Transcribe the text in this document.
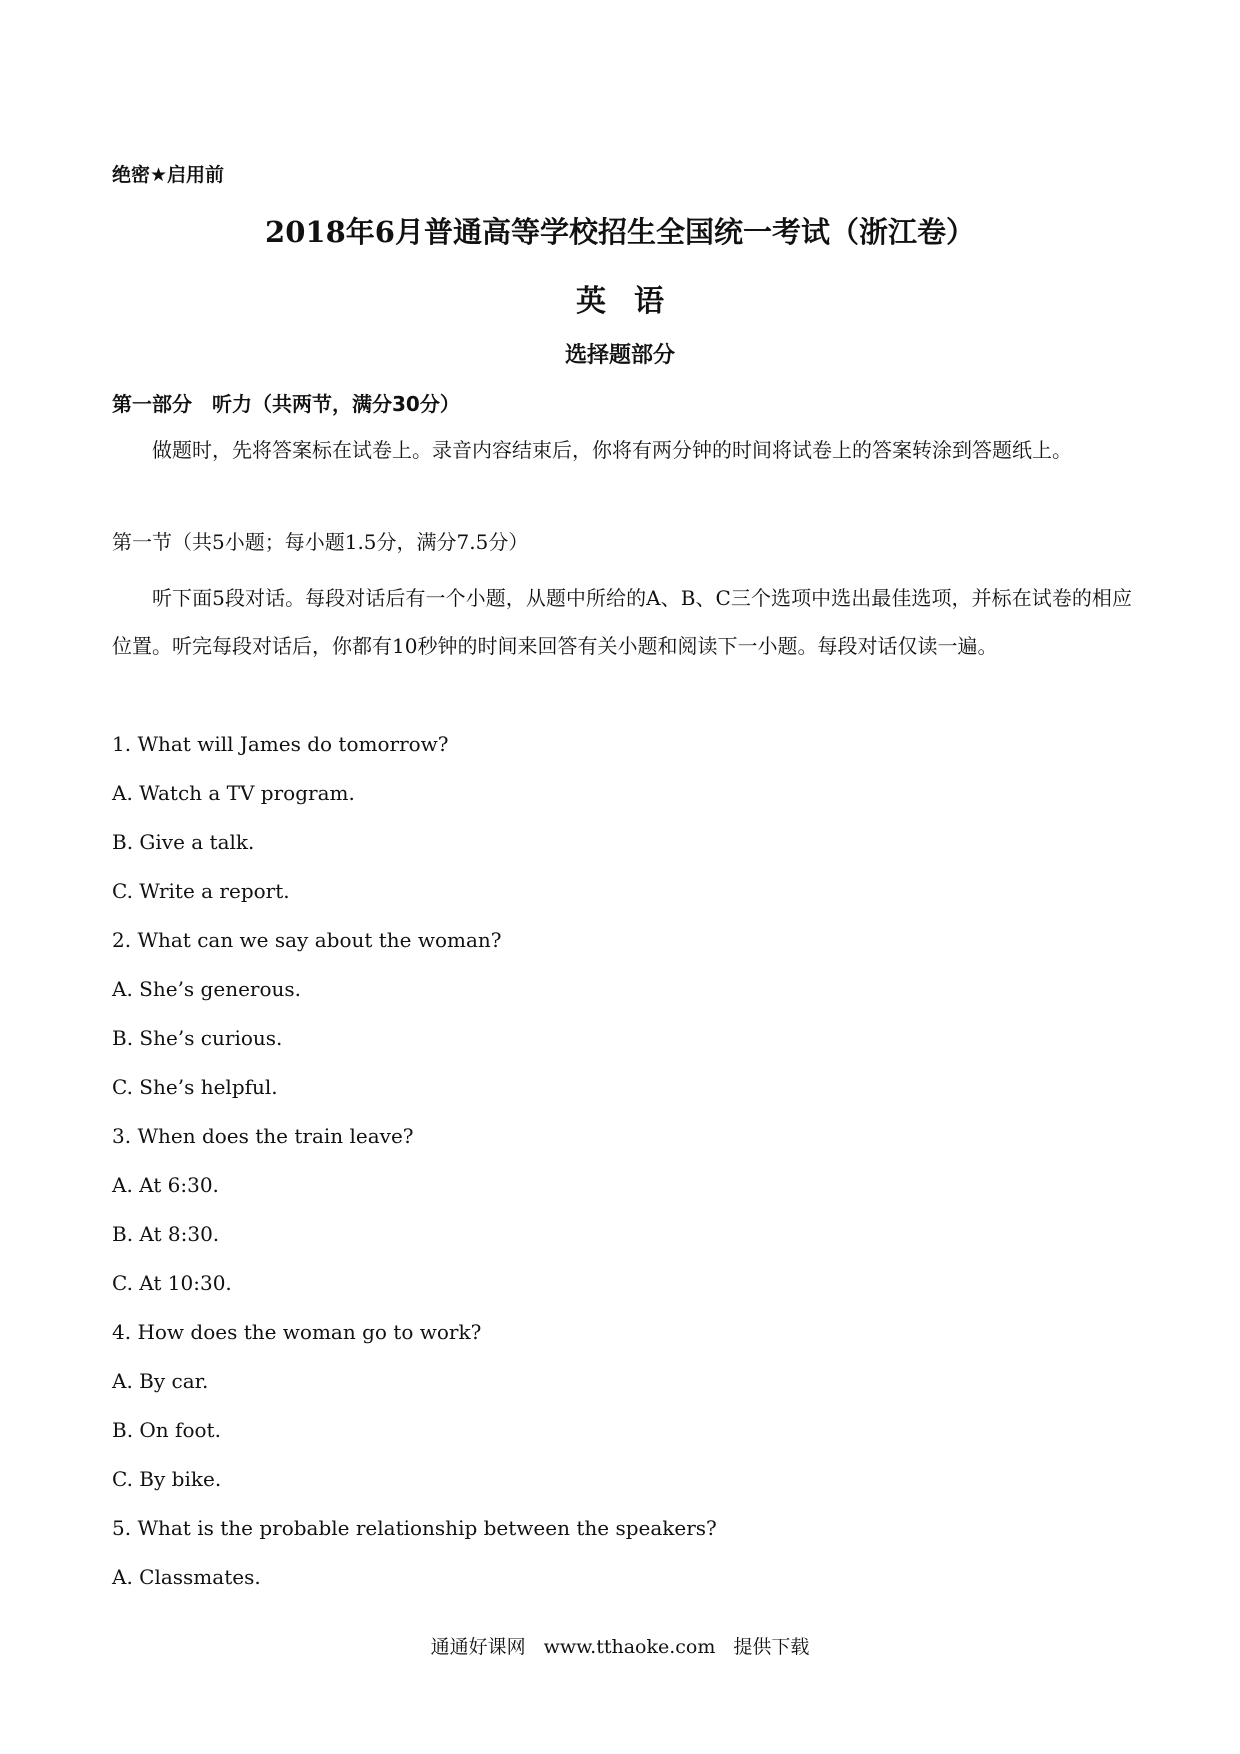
绝密★启用前
2018年6月普通高等学校招生全国统一考试（浙江卷）
英语
选择题部分
第一部分　听力（共两节，满分30分）
做题时，先将答案标在试卷上。录音内容结束后，你将有两分钟的时间将试卷上的答案转涂到答题纸上。
第一节（共5小题；每小题1.5分，满分7.5分）
听下面5段对话。每段对话后有一个小题，从题中所给的A、B、C三个选项中选出最佳选项，并标在试卷的相应位置。听完每段对话后，你都有10秒钟的时间来回答有关小题和阅读下一小题。每段对话仅读一遍。
1. What will James do tomorrow?
A. Watch a TV program.
B. Give a talk.
C. Write a report.
2. What can we say about the woman?
A. She’s generous.
B. She’s curious.
C. She’s helpful.
3. When does the train leave?
A. At 6:30.
B. At 8:30.
C. At 10:30.
4. How does the woman go to work?
A. By car.
B. On foot.
C. By bike.
5. What is the probable relationship between the speakers?
A. Classmates.
通通好课网 www.tthaoke.com 提供下载
